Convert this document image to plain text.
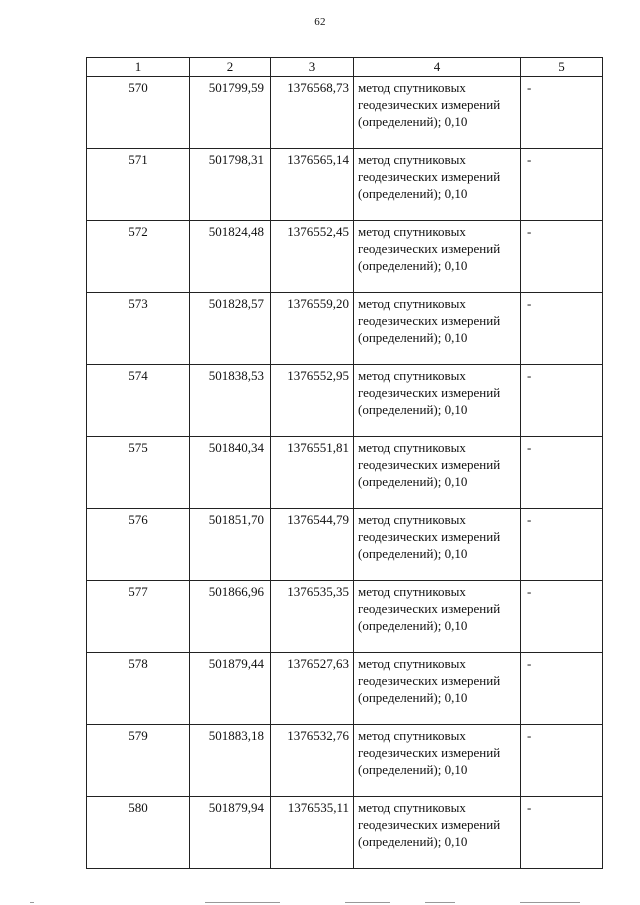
62
1	2	3	4	5
570	501799,59	1376568,73	метод спутниковых геодезических измерений (определений); 0,10	-
571	501798,31	1376565,14	метод спутниковых геодезических измерений (определений); 0,10	-
572	501824,48	1376552,45	метод спутниковых геодезических измерений (определений); 0,10	-
573	501828,57	1376559,20	метод спутниковых геодезических измерений (определений); 0,10	-
574	501838,53	1376552,95	метод спутниковых геодезических измерений (определений); 0,10	-
575	501840,34	1376551,81	метод спутниковых геодезических измерений (определений); 0,10	-
576	501851,70	1376544,79	метод спутниковых геодезических измерений (определений); 0,10	-
577	501866,96	1376535,35	метод спутниковых геодезических измерений (определений); 0,10	-
578	501879,44	1376527,63	метод спутниковых геодезических измерений (определений); 0,10	-
579	501883,18	1376532,76	метод спутниковых геодезических измерений (определений); 0,10	-
580	501879,94	1376535,11	метод спутниковых геодезических измерений (определений); 0,10	-
